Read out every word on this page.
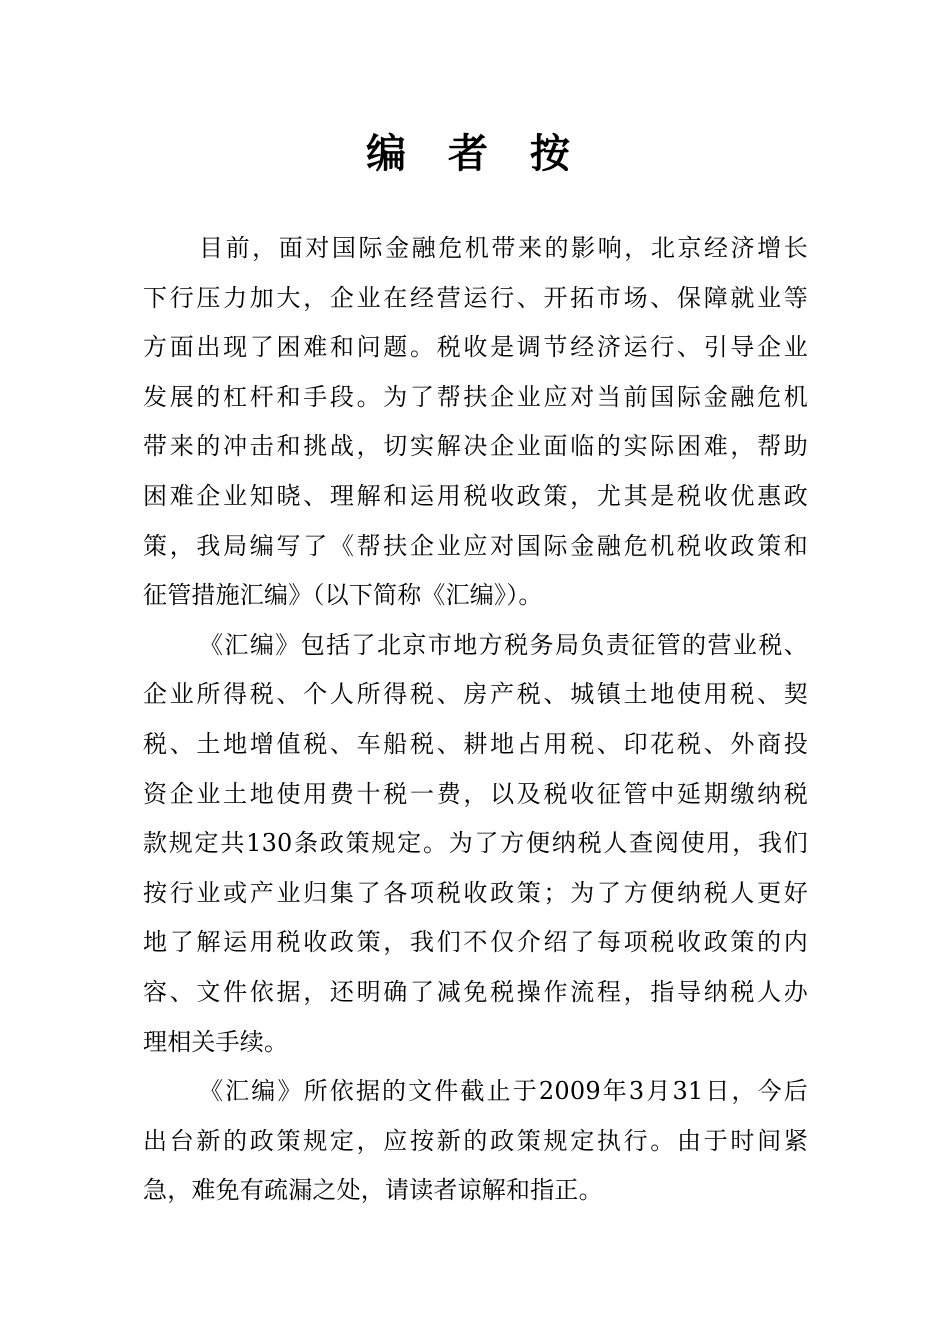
编 者 按
目前，面对国际金融危机带来的影响，北京经济增长
下行压力加大，企业在经营运行、开拓市场、保障就业等
方面出现了困难和问题。税收是调节经济运行、引导企业
发展的杠杆和手段。为了帮扶企业应对当前国际金融危机
带来的冲击和挑战，切实解决企业面临的实际困难，帮助
困难企业知晓、理解和运用税收政策，尤其是税收优惠政
策，我局编写了《帮扶企业应对国际金融危机税收政策和
征管措施汇编》（以下简称《汇编》）。
《汇编》包括了北京市地方税务局负责征管的营业税、
企业所得税、个人所得税、房产税、城镇土地使用税、契
税、土地增值税、车船税、耕地占用税、印花税、外商投
资企业土地使用费十税一费，以及税收征管中延期缴纳税
款规定共130条政策规定。为了方便纳税人查阅使用，我们
按行业或产业归集了各项税收政策；为了方便纳税人更好
地了解运用税收政策，我们不仅介绍了每项税收政策的内
容、文件依据，还明确了减免税操作流程，指导纳税人办
理相关手续。
《汇编》所依据的文件截止于2009年3月31日，今后
出台新的政策规定，应按新的政策规定执行。由于时间紧
急，难免有疏漏之处，请读者谅解和指正。
